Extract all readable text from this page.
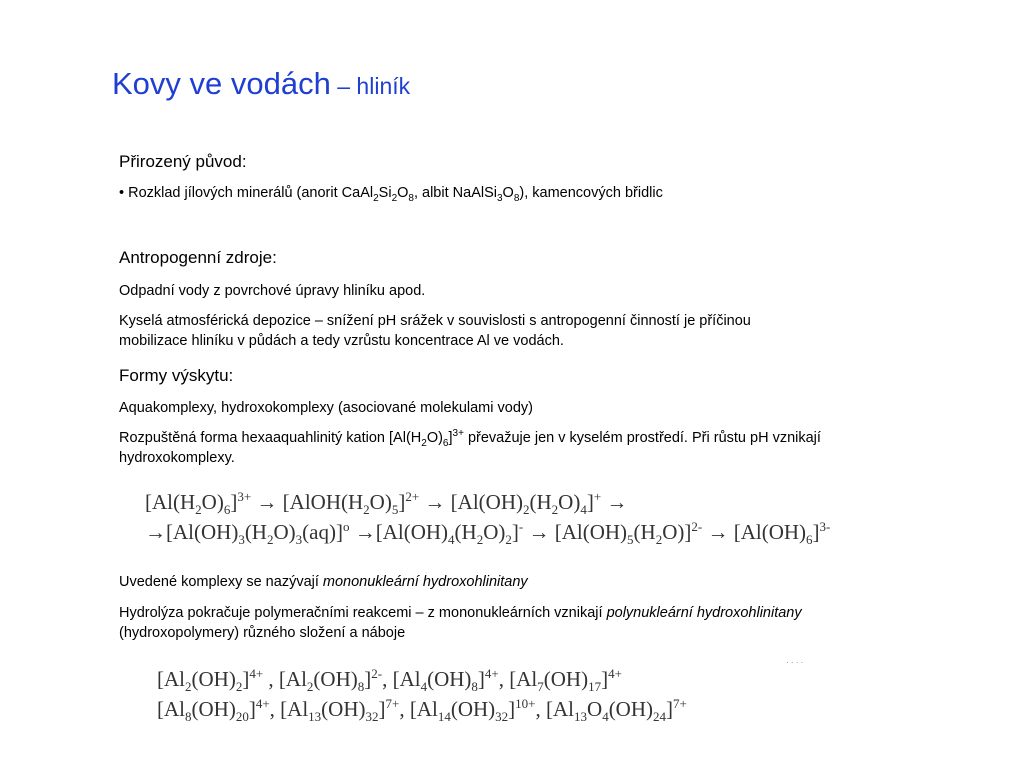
Kovy ve vodách – hliník
Přirozený původ:
• Rozklad jílových minerálů (anorit $CaAl_2Si_2O_8$, albit $NaAlSi_3O_8$), kamencových břidlic
Antropogenní zdroje:
Odpadní vody z povrchové úpravy hliníku apod.
Kyselá atmosférická depozice – snížení pH srážek v souvislosti s antropogenní činností je příčinou
mobilizace hliníku v půdách a tedy vzrůstu koncentrace Al ve vodách.
Formy výskytu:
Aquakomplexy, hydroxokomplexy (asociované molekulami vody)
Rozpuštěná forma hexaaquahlinitý kation $[Al(H_2O)_6]^{3+}$ převažuje jen v kyselém prostředí. Při růstu pH vznikají
hydroxokomplexy.
$[Al(H_2O)_6]^{3+}$ → $[AlOH(H_2O)_5]^{2+} \to [Al(OH)_2(H_2O)_4]^+$ →
$\to[Al(OH)_3(H_2O)_3(aq)]^o \to[Al(OH)_4(H_2O)_2]^- \to [Al(OH)_5(H_2O)]^{2-} \to [Al(OH)_6]^{3-}$
Uvedené komplexy se nazývají mononukleární hydroxohlinitany
Hydrolýza pokračuje polymeračními reakcemi – z mononukleárních vznikají polynukleární hydroxohlinitany
(hydroxopolymery) různého složení a náboje
$[Al_2(OH)_2]^{4+}$ , $[Al_2(OH)_8]^{2-}$, $[Al_4(OH)_8]^{4+}$, $[Al_7(OH)_{17}]^{4+}$
$[Al_8(OH)_{20}]^{4+}$, $[Al_{13}(OH)_{32}]^{7+}$, $[Al_{14}(OH)_{32}]^{10+}$, $[Al_{13}O_4(OH)_{24}]^{7+}$
· · · ·
